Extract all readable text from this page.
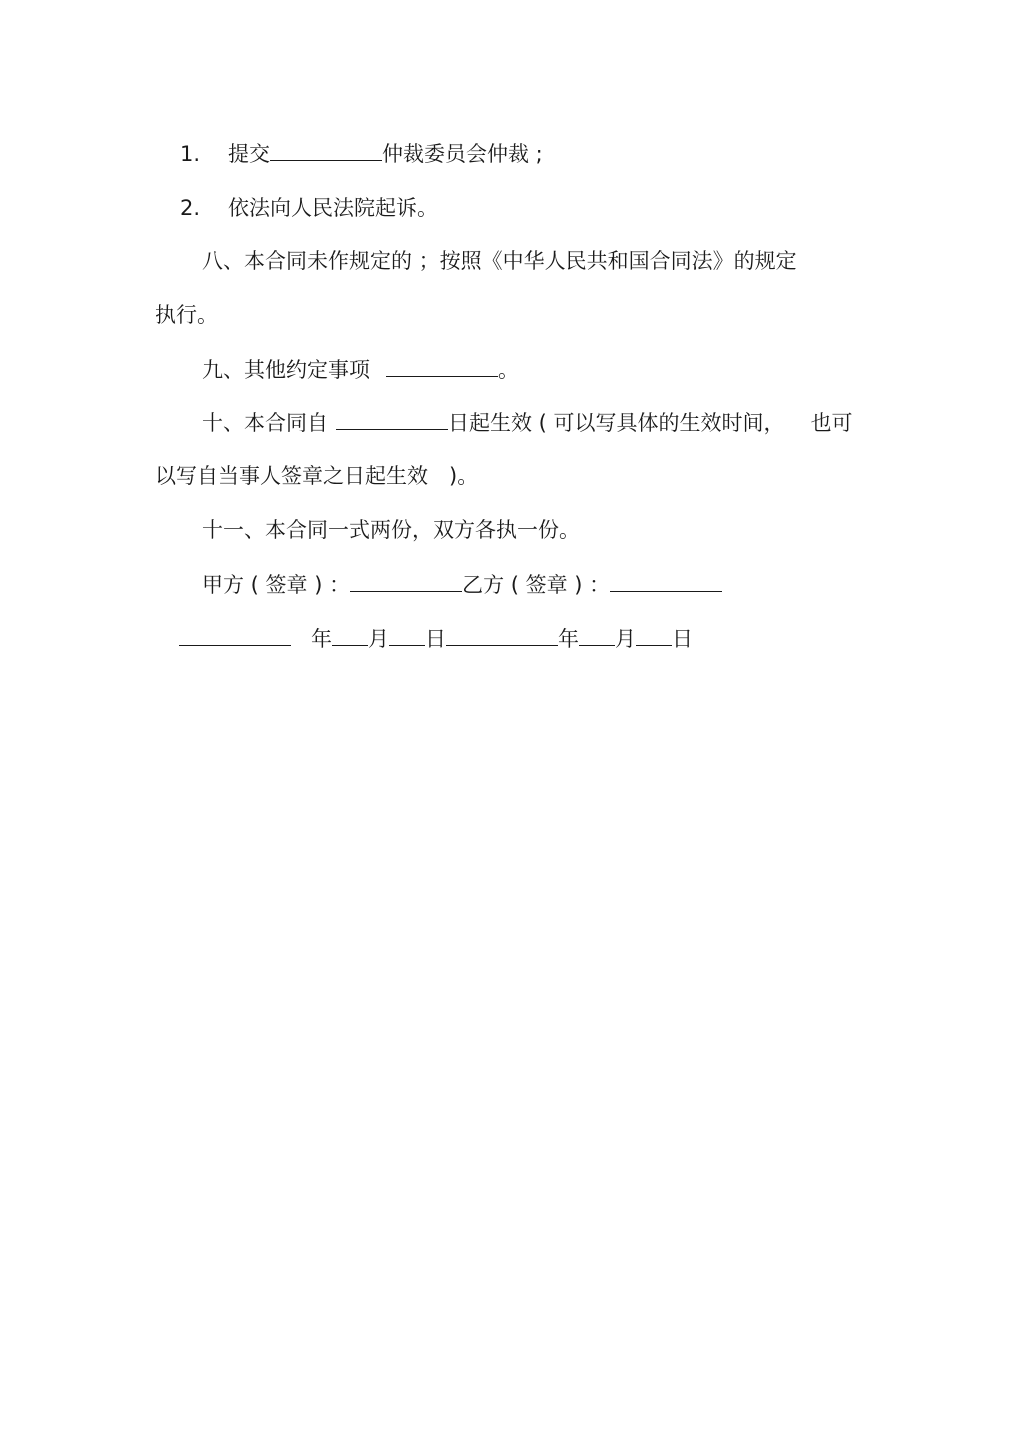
1. 提交	仲裁委员会仲裁 ;
2. 依法向人民法院起诉。
八、本合同未作规定的 ；按照《中华人民共和国合同法》的规定
执行。
九、其他约定事项	。
十、本合同自	日起生效 ( 可以写具体的生效时间， 也可
以写自当事人签章之日起生效　)。
十一、本合同一式两份，双方各执一份。
甲方 ( 签章 ) ：	乙方 ( 签章 ) ：
年 月 日	年 月 日
